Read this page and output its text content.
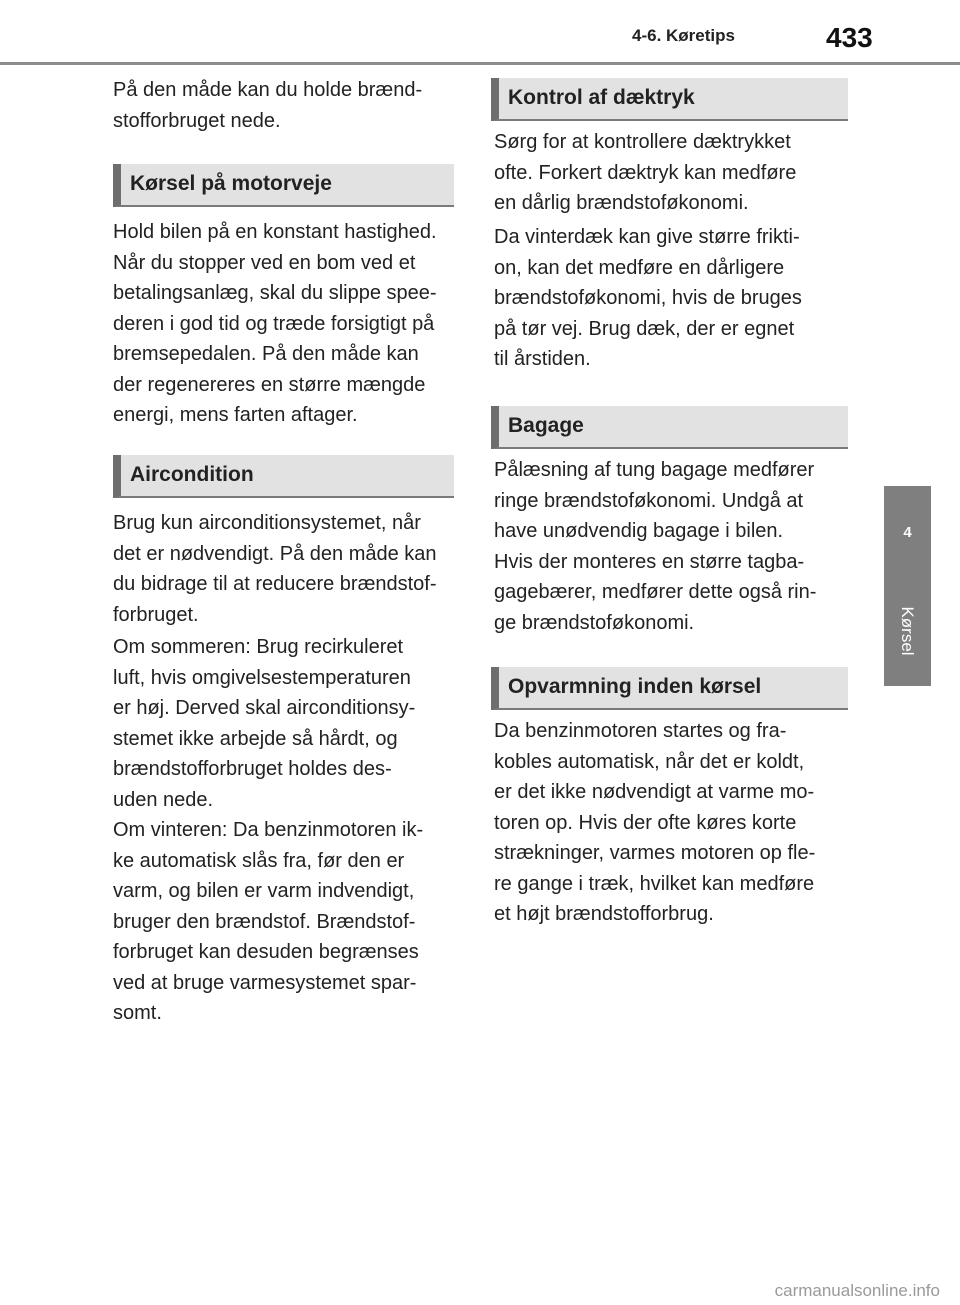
4-6. Køretips	433
4
Kørsel

På den måde kan du holde brænd-
stofforbruget nede.

Kørsel på motorveje

Hold bilen på en konstant hastighed.
Når du stopper ved en bom ved et
betalingsanlæg, skal du slippe spee-
deren i god tid og træde forsigtigt på
bremsepedalen. På den måde kan
der regenereres en større mængde
energi, mens farten aftager.

Aircondition

Brug kun airconditionsystemet, når
det er nødvendigt. På den måde kan
du bidrage til at reducere brændstof-
forbruget.

Om sommeren: Brug recirkuleret
luft, hvis omgivelsestemperaturen
er høj. Derved skal airconditionsy-
stemet ikke arbejde så hårdt, og
brændstofforbruget holdes des-
uden nede.
Om vinteren: Da benzinmotoren ik-
ke automatisk slås fra, før den er
varm, og bilen er varm indvendigt,
bruger den brændstof. Brændstof-
forbruget kan desuden begrænses
ved at bruge varmesystemet spar-
somt.

Kontrol af dæktryk

Sørg for at kontrollere dæktrykket
ofte. Forkert dæktryk kan medføre
en dårlig brændstoføkonomi.

Da vinterdæk kan give større frikti-
on, kan det medføre en dårligere
brændstoføkonomi, hvis de bruges
på tør vej. Brug dæk, der er egnet
til årstiden.

Bagage

Pålæsning af tung bagage medfører
ringe brændstoføkonomi. Undgå at
have unødvendig bagage i bilen.
Hvis der monteres en større tagba-
gagebærer, medfører dette også rin-
ge brændstoføkonomi.

Opvarmning inden kørsel

Da benzinmotoren startes og fra-
kobles automatisk, når det er koldt,
er det ikke nødvendigt at varme mo-
toren op. Hvis der ofte køres korte
strækninger, varmes motoren op fle-
re gange i træk, hvilket kan medføre
et højt brændstofforbrug.

carmanualsonline.info
